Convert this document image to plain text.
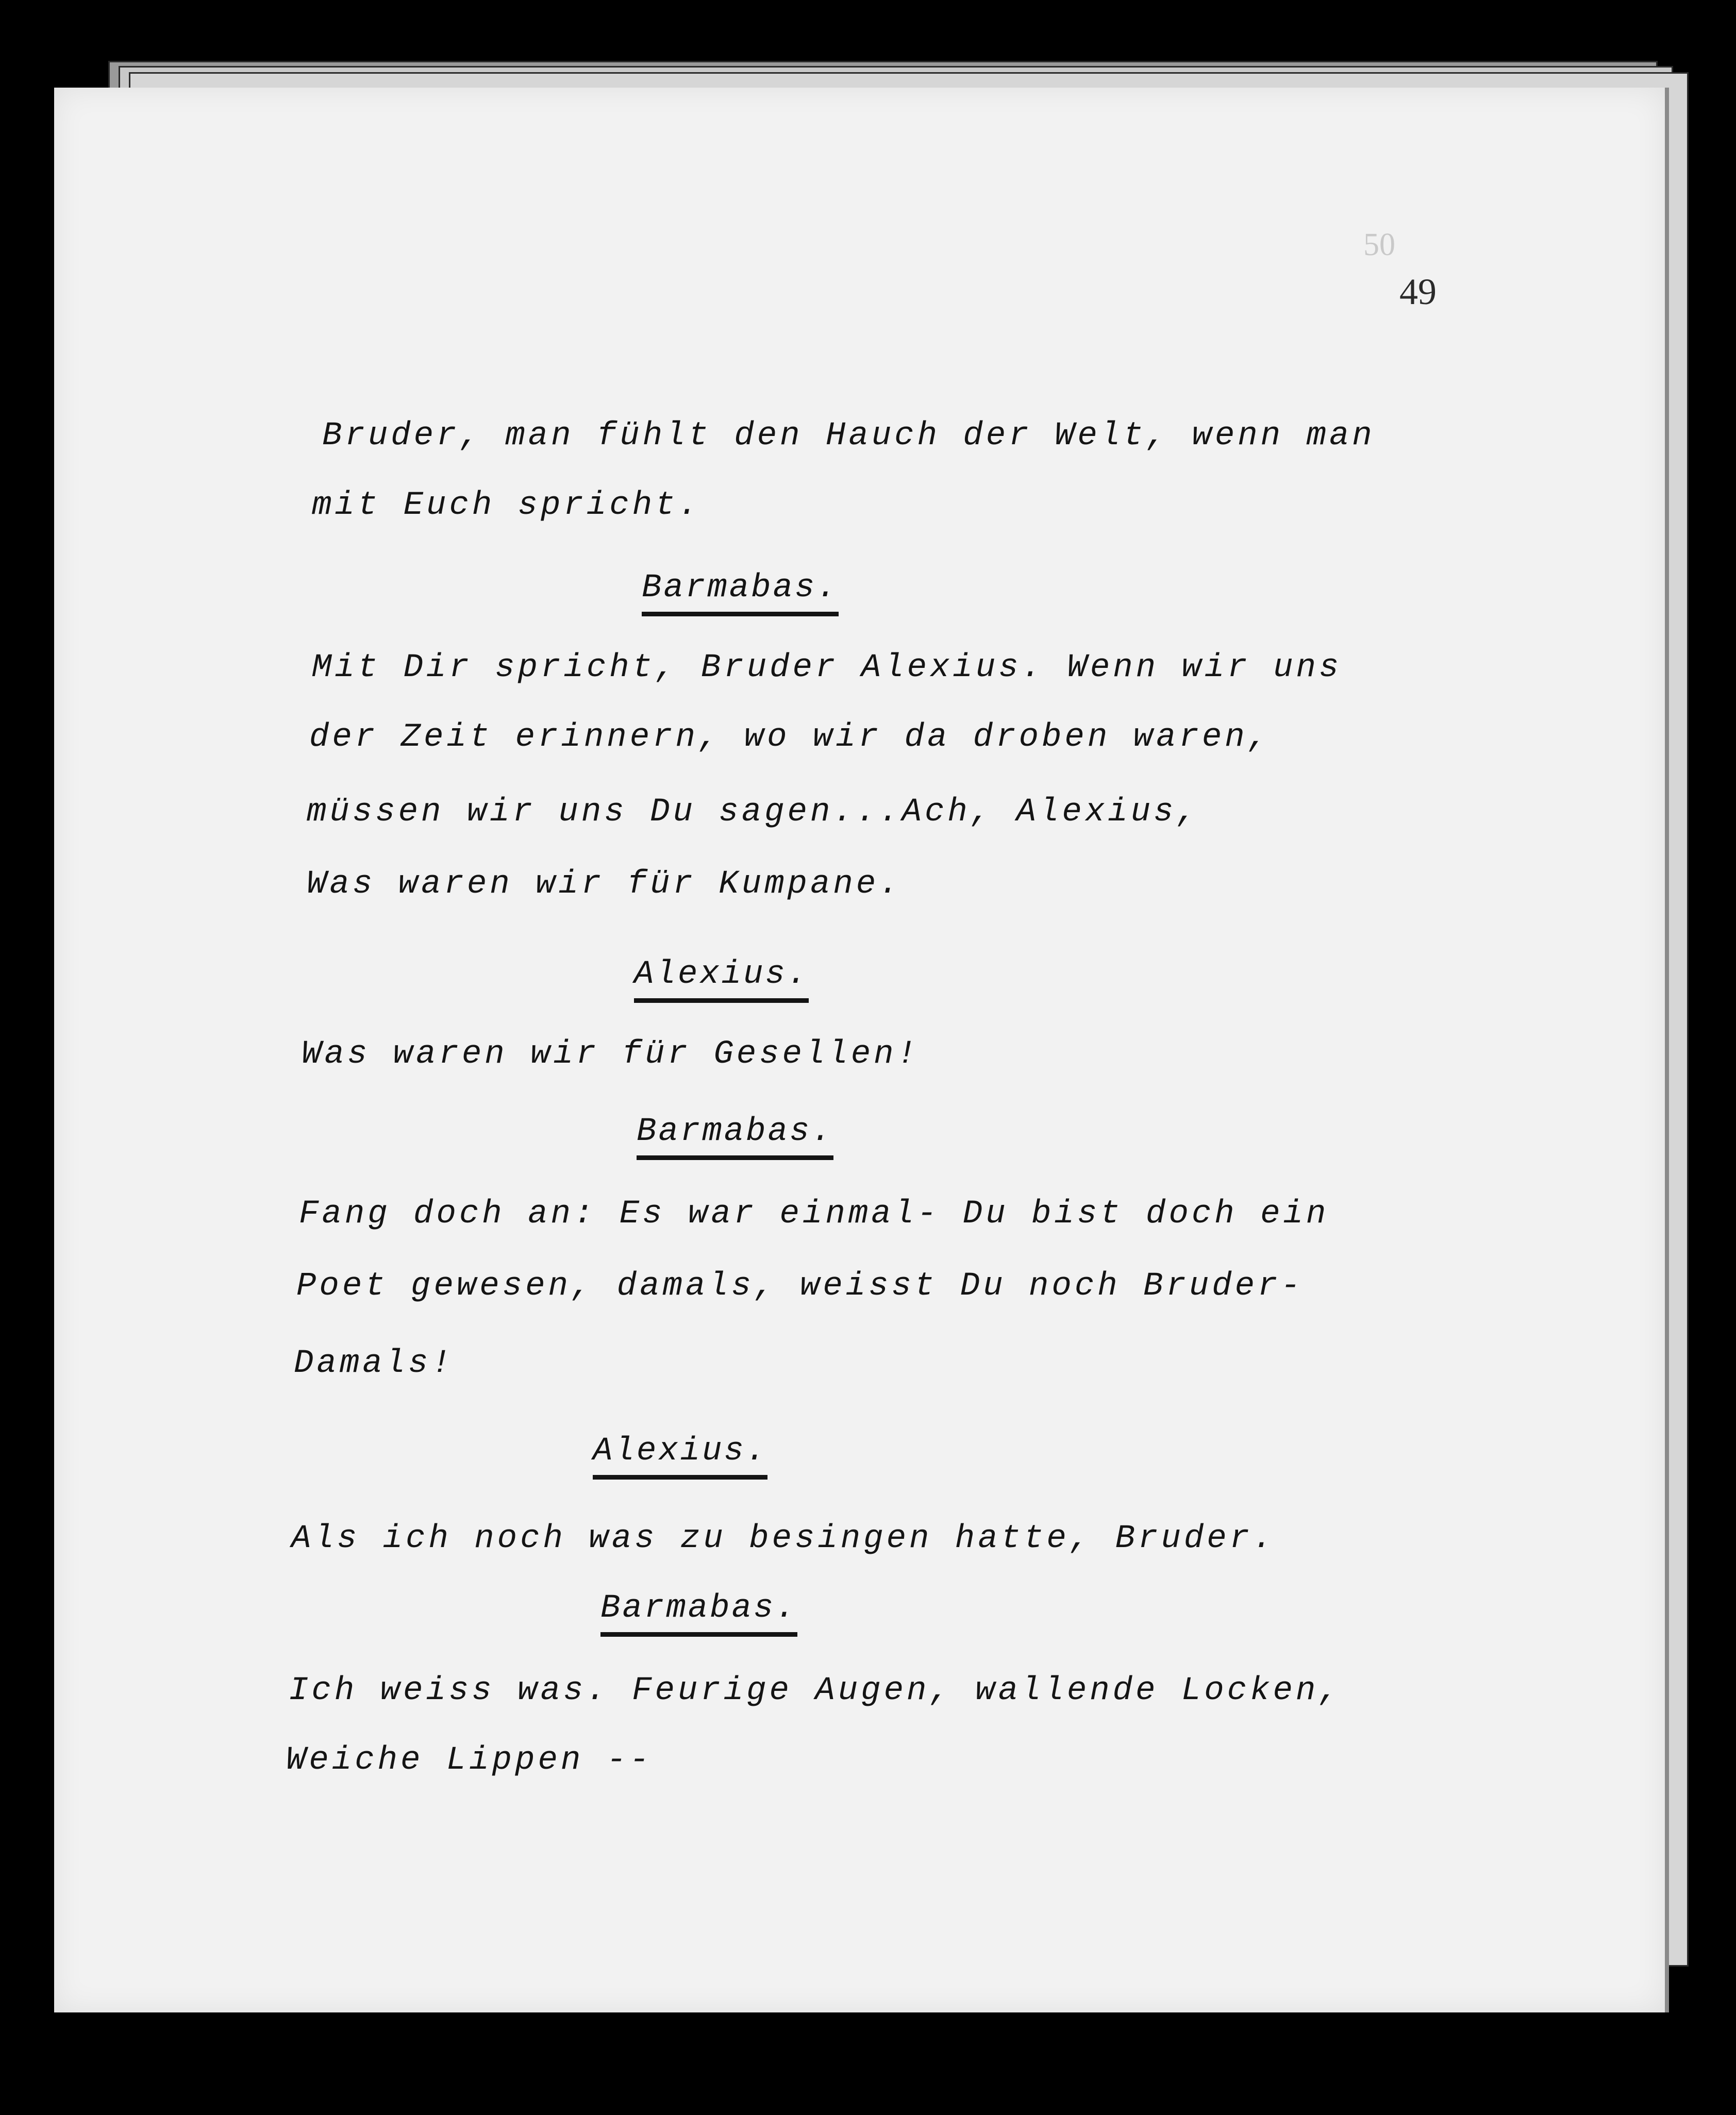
50
49
Bruder, man fühlt den Hauch der Welt, wenn man
mit Euch spricht.
Barmabas.
Mit Dir spricht, Bruder Alexius. Wenn wir uns
der Zeit erinnern, wo wir da droben waren,
müssen wir uns Du sagen...Ach, Alexius,
Was waren wir für Kumpane.
Alexius.
Was waren wir für Gesellen!
Barmabas.
Fang doch an: Es war einmal- Du bist doch ein
Poet gewesen, damals, weisst Du noch Bruder-
Damals!
Alexius.
Als ich noch was zu besingen hatte, Bruder.
Barmabas.
Ich weiss was. Feurige Augen, wallende Locken,
Weiche Lippen --
